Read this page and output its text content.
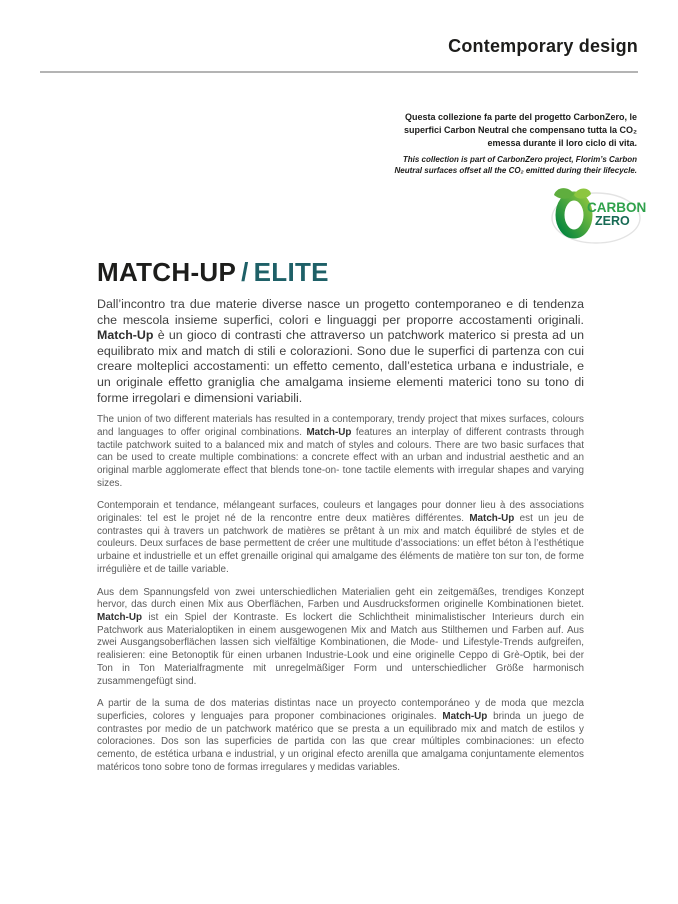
Contemporary design

Questa collezione fa parte del progetto CarbonZero, le superfici Carbon Neutral che compensano tutta la CO₂ emessa durante il loro ciclo di vita.

This collection is part of CarbonZero project, Florim’s Carbon Neutral surfaces offset all the CO₂ emitted during their lifecycle.

CARBON
ZERO
MATCH-UP / ELITE

Dall’incontro tra due materie diverse nasce un progetto contemporaneo e di tendenza che mescola insieme superfici, colori e linguaggi per proporre accostamenti originali. Match-Up è un gioco di contrasti che attraverso un patchwork materico si presta ad un equilibrato mix and match di stili e colorazioni. Sono due le superfici di partenza con cui creare molteplici accostamenti: un effetto cemento, dall’estetica urbana e industriale, e un originale effetto graniglia che amalgama insieme elementi materici tono su tono di forme irregolari e dimensioni variabili.

The union of two different materials has resulted in a contemporary, trendy project that mixes surfaces, colours and languages to offer original combinations. Match-Up features an interplay of different contrasts through tactile patchwork suited to a balanced mix and match of styles and colours. There are two basic surfaces that can be used to create multiple combinations: a concrete effect with an urban and industrial aesthetic and an original marble agglomerate effect that blends tone-on- tone tactile elements with irregular shapes and varying sizes.

Contemporain et tendance, mélangeant surfaces, couleurs et langages pour donner lieu à des associations originales: tel est le projet né de la rencontre entre deux matières différentes. Match-Up est un jeu de contrastes qui à travers un patchwork de matières se prêtant à un mix and match équilibré de styles et de couleurs. Deux surfaces de base permettent de créer une multitude d’associations: un effet béton à l’esthétique urbaine et industrielle et un effet grenaille original qui amalgame des éléments de matière ton sur ton, de forme irrégulière et de taille variable.

Aus dem Spannungsfeld von zwei unterschiedlichen Materialien geht ein zeitgemäßes, trendiges Konzept hervor, das durch einen Mix aus Oberflächen, Farben und Ausdrucksformen originelle Kombinationen bietet. Match-Up ist ein Spiel der Kontraste. Es lockert die Schlichtheit minimalistischer Interieurs durch ein Patchwork aus Materialoptiken in einem ausgewogenen Mix and Match aus Stilthemen und Farben auf. Aus zwei Ausgangsoberflächen lassen sich vielfältige Kombinationen, die Mode- und Lifestyle-Trends aufgreifen, realisieren: eine Betonoptik für einen urbanen Industrie-Look und eine originelle Ceppo di Grè-Optik, bei der Ton in Ton Materialfragmente mit unregelmäßiger Form und unterschiedlicher Größe harmonisch zusammengefügt sind.

A partir de la suma de dos materias distintas nace un proyecto contemporáneo y de moda que mezcla superficies, colores y lenguajes para proponer combinaciones originales. Match-Up brinda un juego de contrastes por medio de un patchwork matérico que se presta a un equilibrado mix and match de estilos y coloraciones. Dos son las superficies de partida con las que crear múltiples combinaciones: un efecto cemento, de estética urbana e industrial, y un original efecto arenilla que amalgama conjuntamente elementos matéricos tono sobre tono de formas irregulares y medidas variables.
